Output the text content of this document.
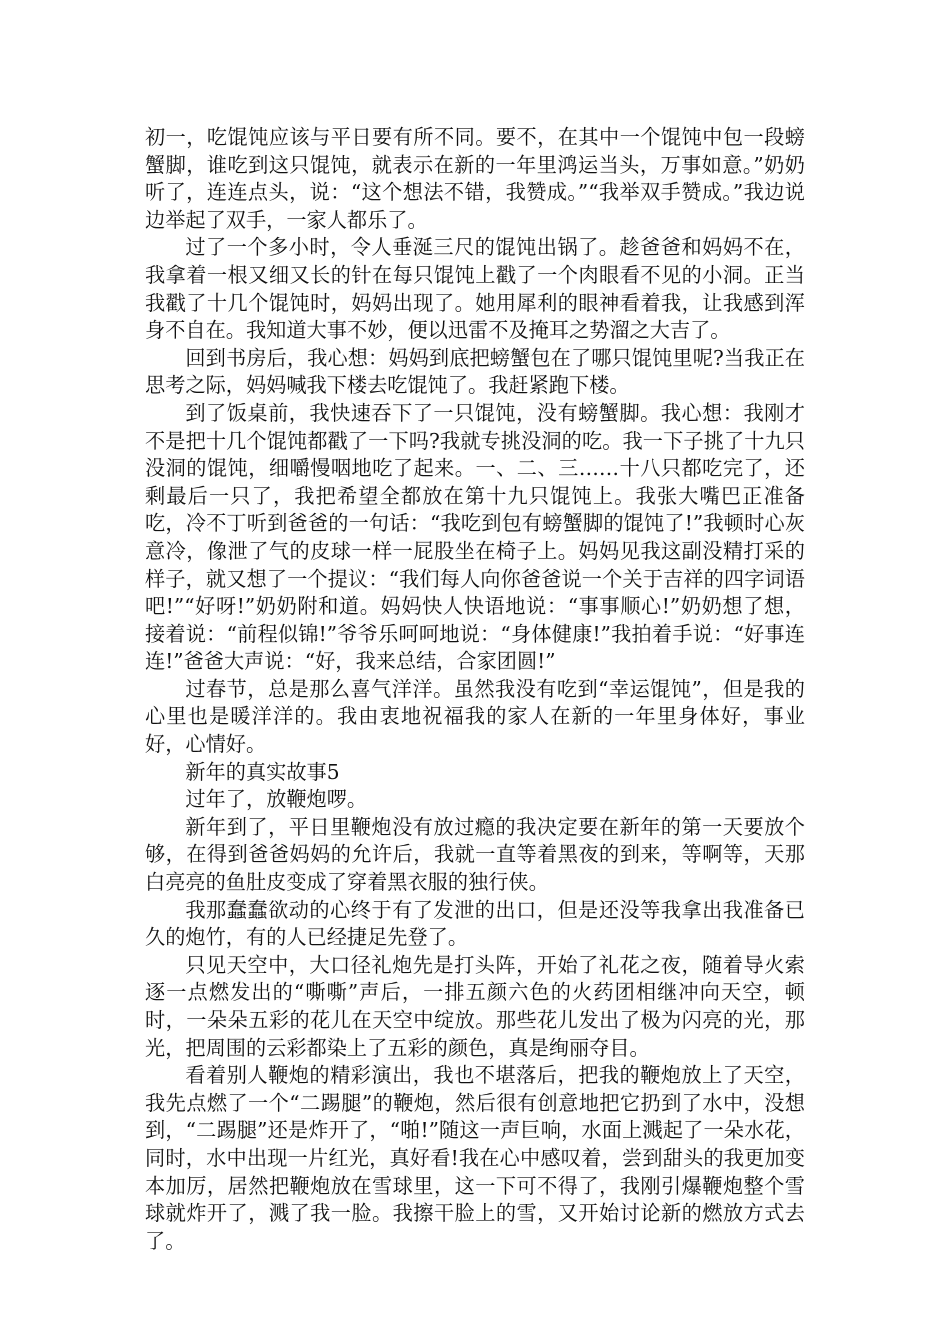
初一，吃馄饨应该与平日要有所不同。要不，在其中一个馄饨中包一段螃蟹脚，谁吃到这只馄饨，就表示在新的一年里鸿运当头，万事如意。”奶奶听了，连连点头，说：“这个想法不错，我赞成。”“我举双手赞成。”我边说边举起了双手，一家人都乐了。

过了一个多小时，令人垂涎三尺的馄饨出锅了。趁爸爸和妈妈不在，我拿着一根又细又长的针在每只馄饨上戳了一个肉眼看不见的小洞。正当我戳了十几个馄饨时，妈妈出现了。她用犀利的眼神看着我，让我感到浑身不自在。我知道大事不妙，便以迅雷不及掩耳之势溜之大吉了。

回到书房后，我心想：妈妈到底把螃蟹包在了哪只馄饨里呢?当我正在思考之际，妈妈喊我下楼去吃馄饨了。我赶紧跑下楼。

到了饭桌前，我快速吞下了一只馄饨，没有螃蟹脚。我心想：我刚才不是把十几个馄饨都戳了一下吗?我就专挑没洞的吃。我一下子挑了十九只没洞的馄饨，细嚼慢咽地吃了起来。一、二、三……十八只都吃完了，还剩最后一只了，我把希望全都放在第十九只馄饨上。我张大嘴巴正准备吃，冷不丁听到爸爸的一句话：“我吃到包有螃蟹脚的馄饨了!”我顿时心灰意冷，像泄了气的皮球一样一屁股坐在椅子上。妈妈见我这副没精打采的样子，就又想了一个提议：“我们每人向你爸爸说一个关于吉祥的四字词语吧!”“好呀!”奶奶附和道。妈妈快人快语地说：“事事顺心!”奶奶想了想，接着说：“前程似锦!”爷爷乐呵呵地说：“身体健康!”我拍着手说：“好事连连!”爸爸大声说：“好，我来总结，合家团圆!”

过春节，总是那么喜气洋洋。虽然我没有吃到“幸运馄饨”，但是我的心里也是暖洋洋的。我由衷地祝福我的家人在新的一年里身体好，事业好，心情好。

新年的真实故事5

过年了，放鞭炮啰。

新年到了，平日里鞭炮没有放过瘾的我决定要在新年的第一天要放个够，在得到爸爸妈妈的允许后，我就一直等着黑夜的到来，等啊等，天那白亮亮的鱼肚皮变成了穿着黑衣服的独行侠。

我那蠢蠢欲动的心终于有了发泄的出口，但是还没等我拿出我准备已久的炮竹，有的人已经捷足先登了。

只见天空中，大口径礼炮先是打头阵，开始了礼花之夜，随着导火索逐一点燃发出的“嘶嘶”声后，一排五颜六色的火药团相继冲向天空，顿时，一朵朵五彩的花儿在天空中绽放。那些花儿发出了极为闪亮的光，那光，把周围的云彩都染上了五彩的颜色，真是绚丽夺目。

看着别人鞭炮的精彩演出，我也不堪落后，把我的鞭炮放上了天空，我先点燃了一个“二踢腿”的鞭炮，然后很有创意地把它扔到了水中，没想到，“二踢腿”还是炸开了，“啪!”随这一声巨响，水面上溅起了一朵水花，同时，水中出现一片红光，真好看!我在心中感叹着，尝到甜头的我更加变本加厉，居然把鞭炮放在雪球里，这一下可不得了，我刚引爆鞭炮整个雪球就炸开了，溅了我一脸。我擦干脸上的雪，又开始讨论新的燃放方式去了。
